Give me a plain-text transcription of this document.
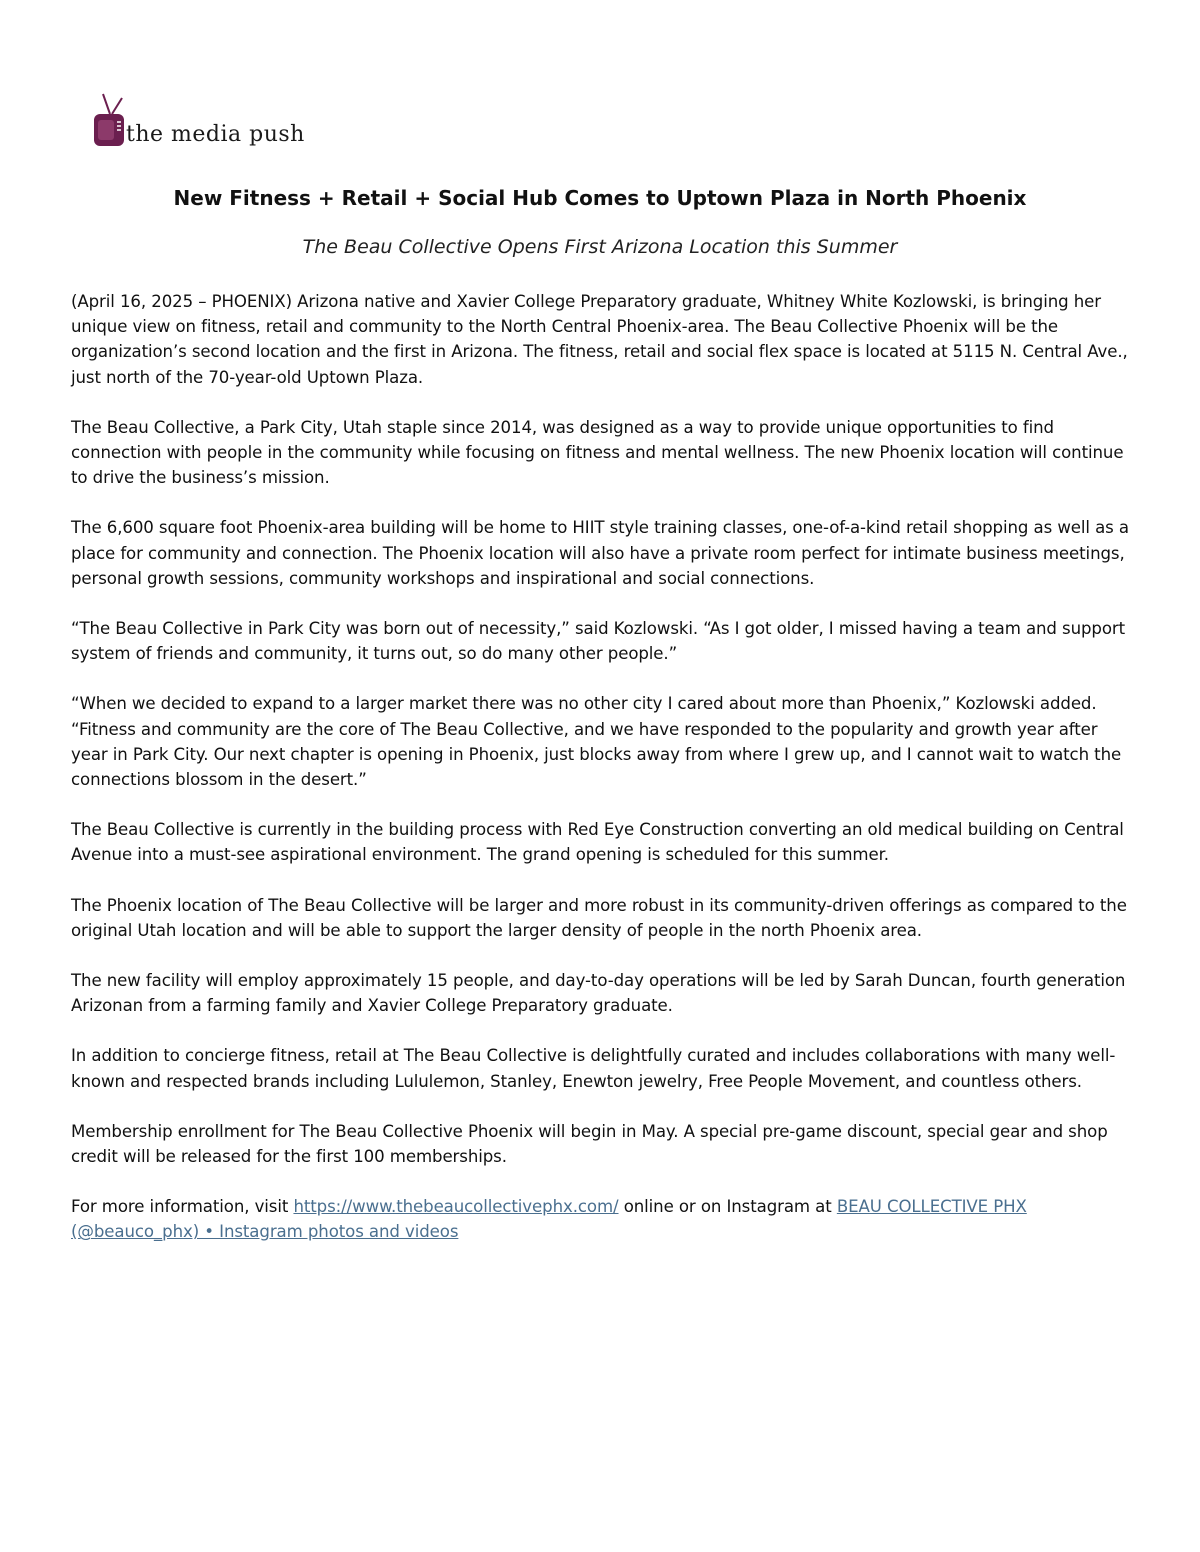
the media push
New Fitness + Retail + Social Hub Comes to Uptown Plaza in North Phoenix
The Beau Collective Opens First Arizona Location this Summer

(April 16, 2025 – PHOENIX) Arizona native and Xavier College Preparatory graduate, Whitney White Kozlowski, is bringing her unique view on fitness, retail and community to the North Central Phoenix-area. The Beau Collective Phoenix will be the organization’s second location and the first in Arizona. The fitness, retail and social flex space is located at 5115 N. Central Ave., just north of the 70-year-old Uptown Plaza.

The Beau Collective, a Park City, Utah staple since 2014, was designed as a way to provide unique opportunities to find connection with people in the community while focusing on fitness and mental wellness. The new Phoenix location will continue to drive the business’s mission.

The 6,600 square foot Phoenix-area building will be home to HIIT style training classes, one-of-a-kind retail shopping as well as a place for community and connection. The Phoenix location will also have a private room perfect for intimate business meetings, personal growth sessions, community workshops and inspirational and social connections.

“The Beau Collective in Park City was born out of necessity,” said Kozlowski. “As I got older, I missed having a team and support system of friends and community, it turns out, so do many other people.”

“When we decided to expand to a larger market there was no other city I cared about more than Phoenix,” Kozlowski added. “Fitness and community are the core of The Beau Collective, and we have responded to the popularity and growth year after year in Park City. Our next chapter is opening in Phoenix, just blocks away from where I grew up, and I cannot wait to watch the connections blossom in the desert.”

The Beau Collective is currently in the building process with Red Eye Construction converting an old medical building on Central Avenue into a must-see aspirational environment. The grand opening is scheduled for this summer.

The Phoenix location of The Beau Collective will be larger and more robust in its community-driven offerings as compared to the original Utah location and will be able to support the larger density of people in the north Phoenix area.

The new facility will employ approximately 15 people, and day-to-day operations will be led by Sarah Duncan, fourth generation Arizonan from a farming family and Xavier College Preparatory graduate.

In addition to concierge fitness, retail at The Beau Collective is delightfully curated and includes collaborations with many well-known and respected brands including Lululemon, Stanley, Enewton jewelry, Free People Movement, and countless others.

Membership enrollment for The Beau Collective Phoenix will begin in May. A special pre-game discount, special gear and shop credit will be released for the first 100 memberships.

For more information, visit https://www.thebeaucollectivephx.com/ online or on Instagram at BEAU COLLECTIVE PHX (@beauco_phx) • Instagram photos and videos
